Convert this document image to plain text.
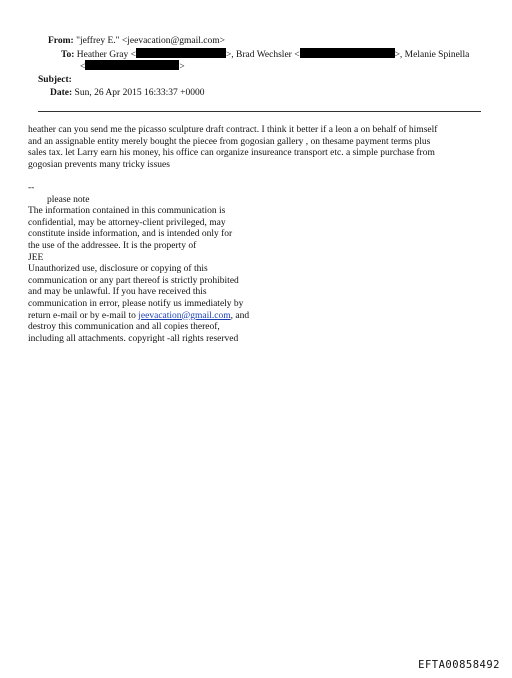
From: "jeffrey E." <jeevacation@gmail.com>
To: Heather Gray <	>, Brad Wechsler <	>, Melanie Spinella
<	>
Subject:
Date: Sun, 26 Apr 2015 16:33:37 +0000

heather can you send me the picasso sculpture draft contract. I think it better if a leon a on behalf of himself

and an assignable entity merely bought the piecee from gogosian gallery , on thesame payment terms plus

sales tax. let Larry earn his money, his office can organize insureance transport etc. a simple purchase from

gogosian prevents many tricky issues

--

please note

The information contained in this communication is

confidential, may be attorney-client privileged, may

constitute inside information, and is intended only for

the use of the addressee. It is the property of

JEE

Unauthorized use, disclosure or copying of this

communication or any part thereof is strictly prohibited

and may be unlawful. If you have received this

communication in error, please notify us immediately by

return e-mail or by e-mail to jeevacation@gmail.com, and

destroy this communication and all copies thereof,

including all attachments. copyright -all rights reserved

EFTA00858492
